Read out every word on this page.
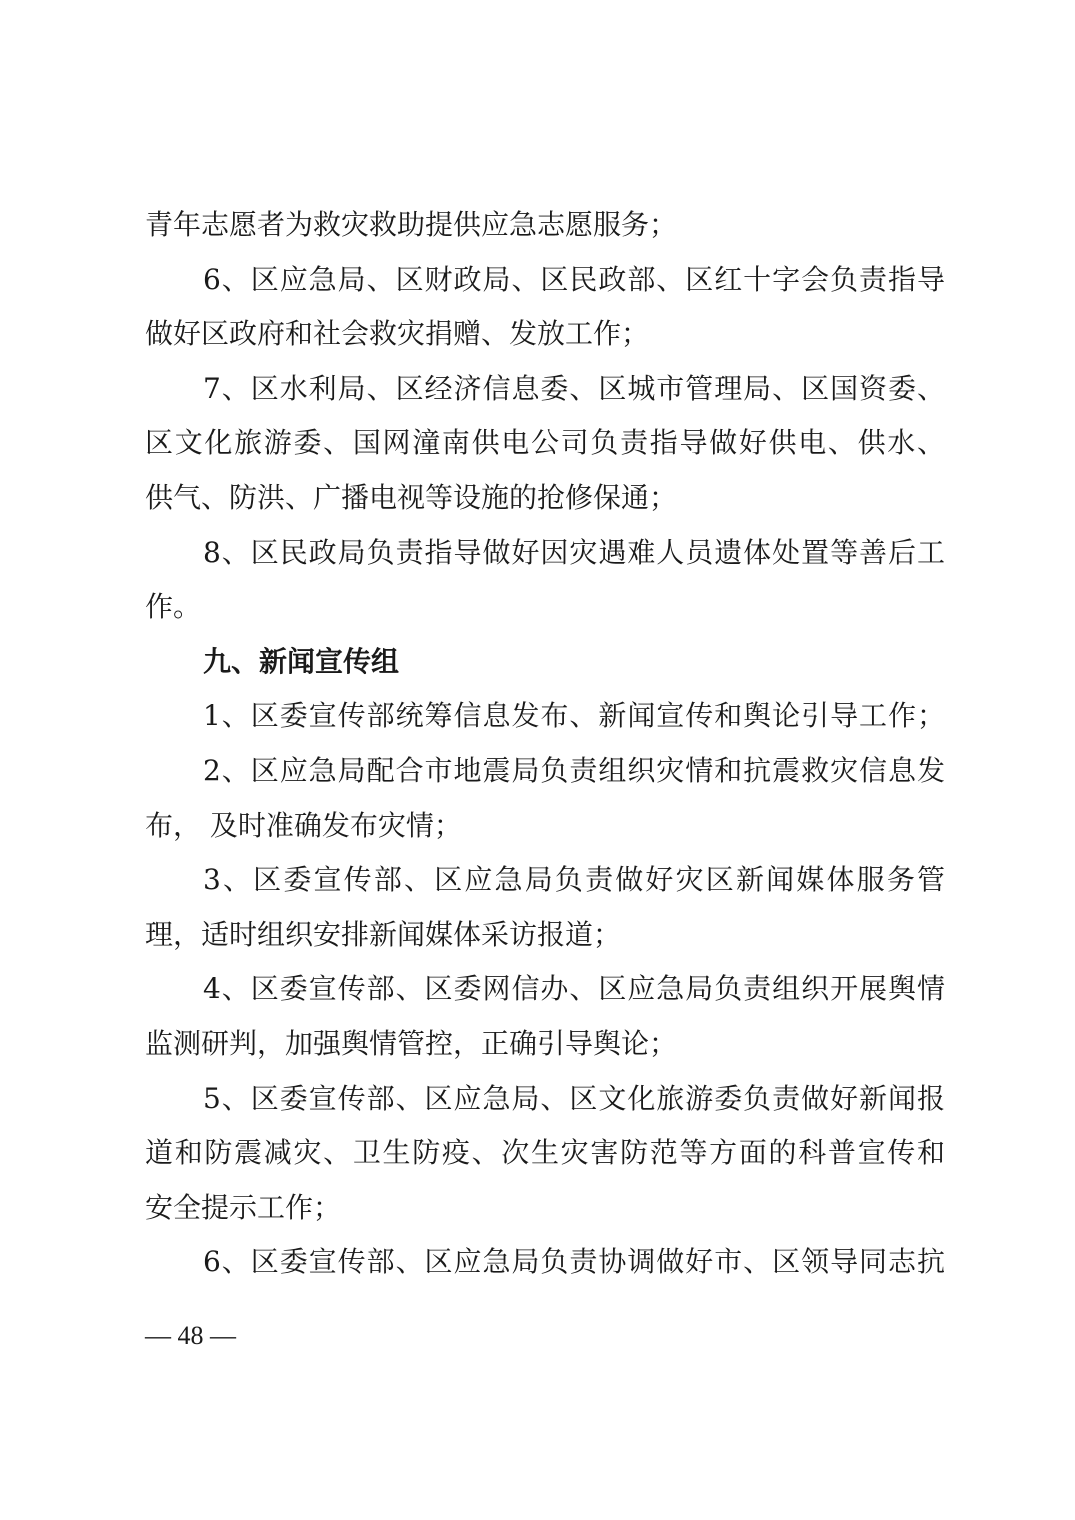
青年志愿者为救灾救助提供应急志愿服务；
6、区应急局、区财政局、区民政部、区红十字会负责指导
做好区政府和社会救灾捐赠、发放工作；
7、区水利局、区经济信息委、区城市管理局、区国资委、
区文化旅游委、国网潼南供电公司负责指导做好供电、供水、
供气、防洪、广播电视等设施的抢修保通；
8、区民政局负责指导做好因灾遇难人员遗体处置等善后工
作。
九、新闻宣传组
1、区委宣传部统筹信息发布、新闻宣传和舆论引导工作；
2、区应急局配合市地震局负责组织灾情和抗震救灾信息发
布， 及时准确发布灾情；
3、区委宣传部、区应急局负责做好灾区新闻媒体服务管
理，适时组织安排新闻媒体采访报道；
4、区委宣传部、区委网信办、区应急局负责组织开展舆情
监测研判，加强舆情管控，正确引导舆论；
5、区委宣传部、区应急局、区文化旅游委负责做好新闻报
道和防震减灾、卫生防疫、次生灾害防范等方面的科普宣传和
安全提示工作；
6、区委宣传部、区应急局负责协调做好市、区领导同志抗
— 48 —
